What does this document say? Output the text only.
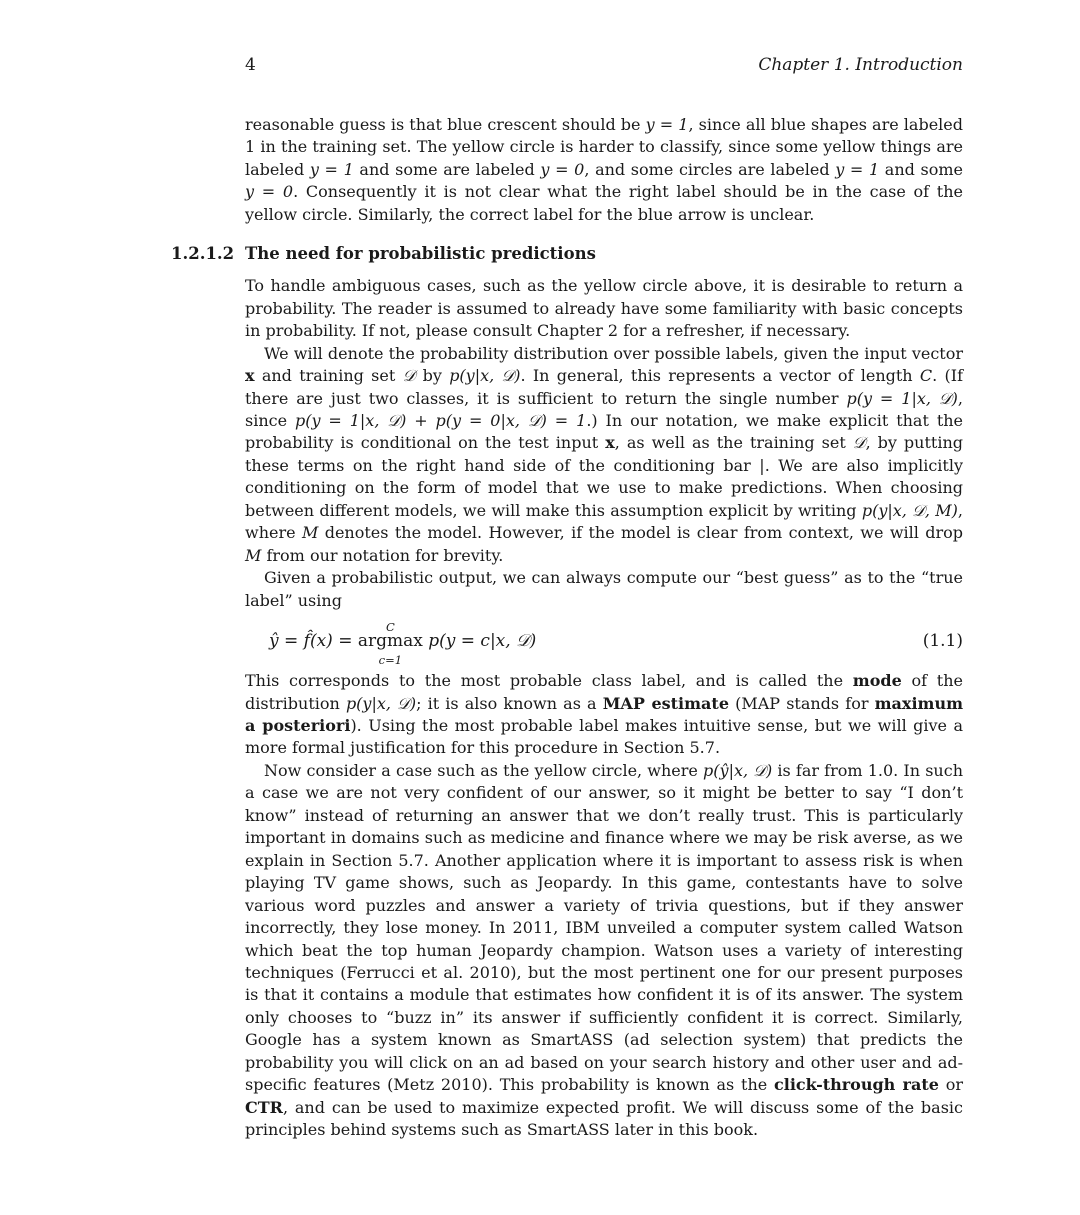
4	Chapter 1. Introduction

reasonable guess is that blue crescent should be y = 1, since all blue shapes are labeled 1 in the training set. The yellow circle is harder to classify, since some yellow things are labeled y = 1 and some are labeled y = 0, and some circles are labeled y = 1 and some y = 0. Consequently it is not clear what the right label should be in the case of the yellow circle. Similarly, the correct label for the blue arrow is unclear.

1.2.1.2 The need for probabilistic predictions

To handle ambiguous cases, such as the yellow circle above, it is desirable to return a probability. The reader is assumed to already have some familiarity with basic concepts in probability. If not, please consult Chapter 2 for a refresher, if necessary.

We will denote the probability distribution over possible labels, given the input vector x and training set 𝒟 by p(y|x, 𝒟). In general, this represents a vector of length C. (If there are just two classes, it is sufficient to return the single number p(y = 1|x, 𝒟), since p(y = 1|x, 𝒟) + p(y = 0|x, 𝒟) = 1.) In our notation, we make explicit that the probability is conditional on the test input x, as well as the training set 𝒟, by putting these terms on the right hand side of the conditioning bar |. We are also implicitly conditioning on the form of model that we use to make predictions. When choosing between different models, we will make this assumption explicit by writing p(y|x, 𝒟, M), where M denotes the model. However, if the model is clear from context, we will drop M from our notation for brevity.

Given a probabilistic output, we can always compute our “best guess” as to the “true label” using

ŷ = f̂(x) =
C
argmax
c=1
p(y = c|x, 𝒟)	(1.1)

This corresponds to the most probable class label, and is called the mode of the distribution p(y|x, 𝒟); it is also known as a MAP estimate (MAP stands for maximum a posteriori). Using the most probable label makes intuitive sense, but we will give a more formal justification for this procedure in Section 5.7.

Now consider a case such as the yellow circle, where p(ŷ|x, 𝒟) is far from 1.0. In such a case we are not very confident of our answer, so it might be better to say “I don’t know” instead of returning an answer that we don’t really trust. This is particularly important in domains such as medicine and finance where we may be risk averse, as we explain in Section 5.7. Another application where it is important to assess risk is when playing TV game shows, such as Jeopardy. In this game, contestants have to solve various word puzzles and answer a variety of trivia questions, but if they answer incorrectly, they lose money. In 2011, IBM unveiled a computer system called Watson which beat the top human Jeopardy champion. Watson uses a variety of interesting techniques (Ferrucci et al. 2010), but the most pertinent one for our present purposes is that it contains a module that estimates how confident it is of its answer. The system only chooses to “buzz in” its answer if sufficiently confident it is correct. Similarly, Google has a system known as SmartASS (ad selection system) that predicts the probability you will click on an ad based on your search history and other user and ad-specific features (Metz 2010). This probability is known as the click-through rate or CTR, and can be used to maximize expected profit. We will discuss some of the basic principles behind systems such as SmartASS later in this book.
